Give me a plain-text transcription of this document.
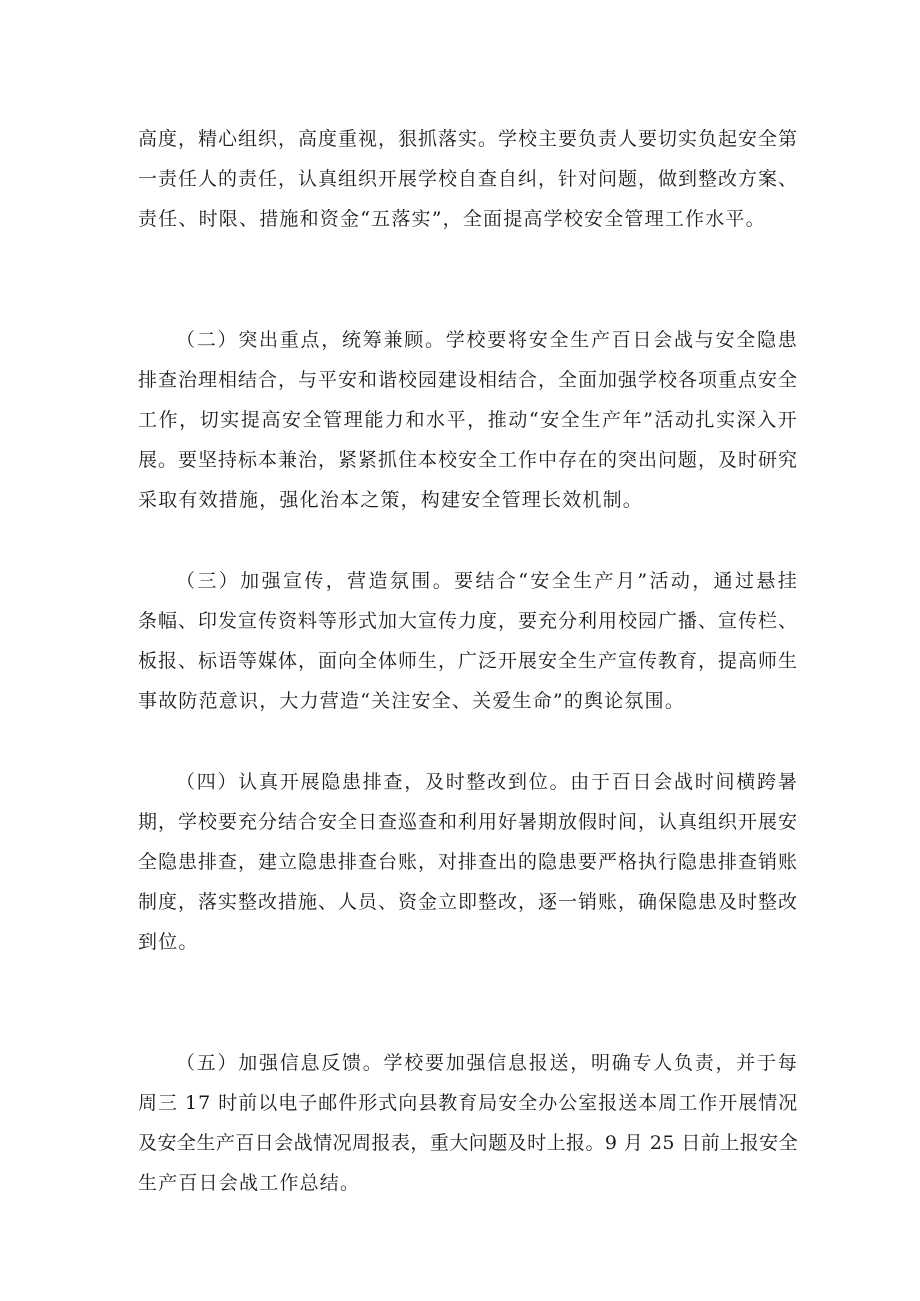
高度，精心组织，高度重视，狠抓落实。学校主要负责人要切实负起安全第
一责任人的责任，认真组织开展学校自查自纠，针对问题，做到整改方案、
责任、时限、措施和资金“五落实”，全面提高学校安全管理工作水平。

（二）突出重点，统筹兼顾。学校要将安全生产百日会战与安全隐患
排查治理相结合，与平安和谐校园建设相结合，全面加强学校各项重点安全
工作，切实提高安全管理能力和水平，推动“安全生产年”活动扎实深入开
展。要坚持标本兼治，紧紧抓住本校安全工作中存在的突出问题，及时研究
采取有效措施，强化治本之策，构建安全管理长效机制。

（三）加强宣传，营造氛围。要结合“安全生产月”活动，通过悬挂
条幅、印发宣传资料等形式加大宣传力度，要充分利用校园广播、宣传栏、
板报、标语等媒体，面向全体师生，广泛开展安全生产宣传教育，提高师生
事故防范意识，大力营造“关注安全、关爱生命”的舆论氛围。

（四）认真开展隐患排查，及时整改到位。由于百日会战时间横跨暑
期，学校要充分结合安全日查巡查和利用好暑期放假时间，认真组织开展安
全隐患排查，建立隐患排查台账，对排查出的隐患要严格执行隐患排查销账
制度，落实整改措施、人员、资金立即整改，逐一销账，确保隐患及时整改
到位。

（五）加强信息反馈。学校要加强信息报送，明确专人负责，并于每
周三 17 时前以电子邮件形式向县教育局安全办公室报送本周工作开展情况
及安全生产百日会战情况周报表，重大问题及时上报。9 月 25 日前上报安全
生产百日会战工作总结。
